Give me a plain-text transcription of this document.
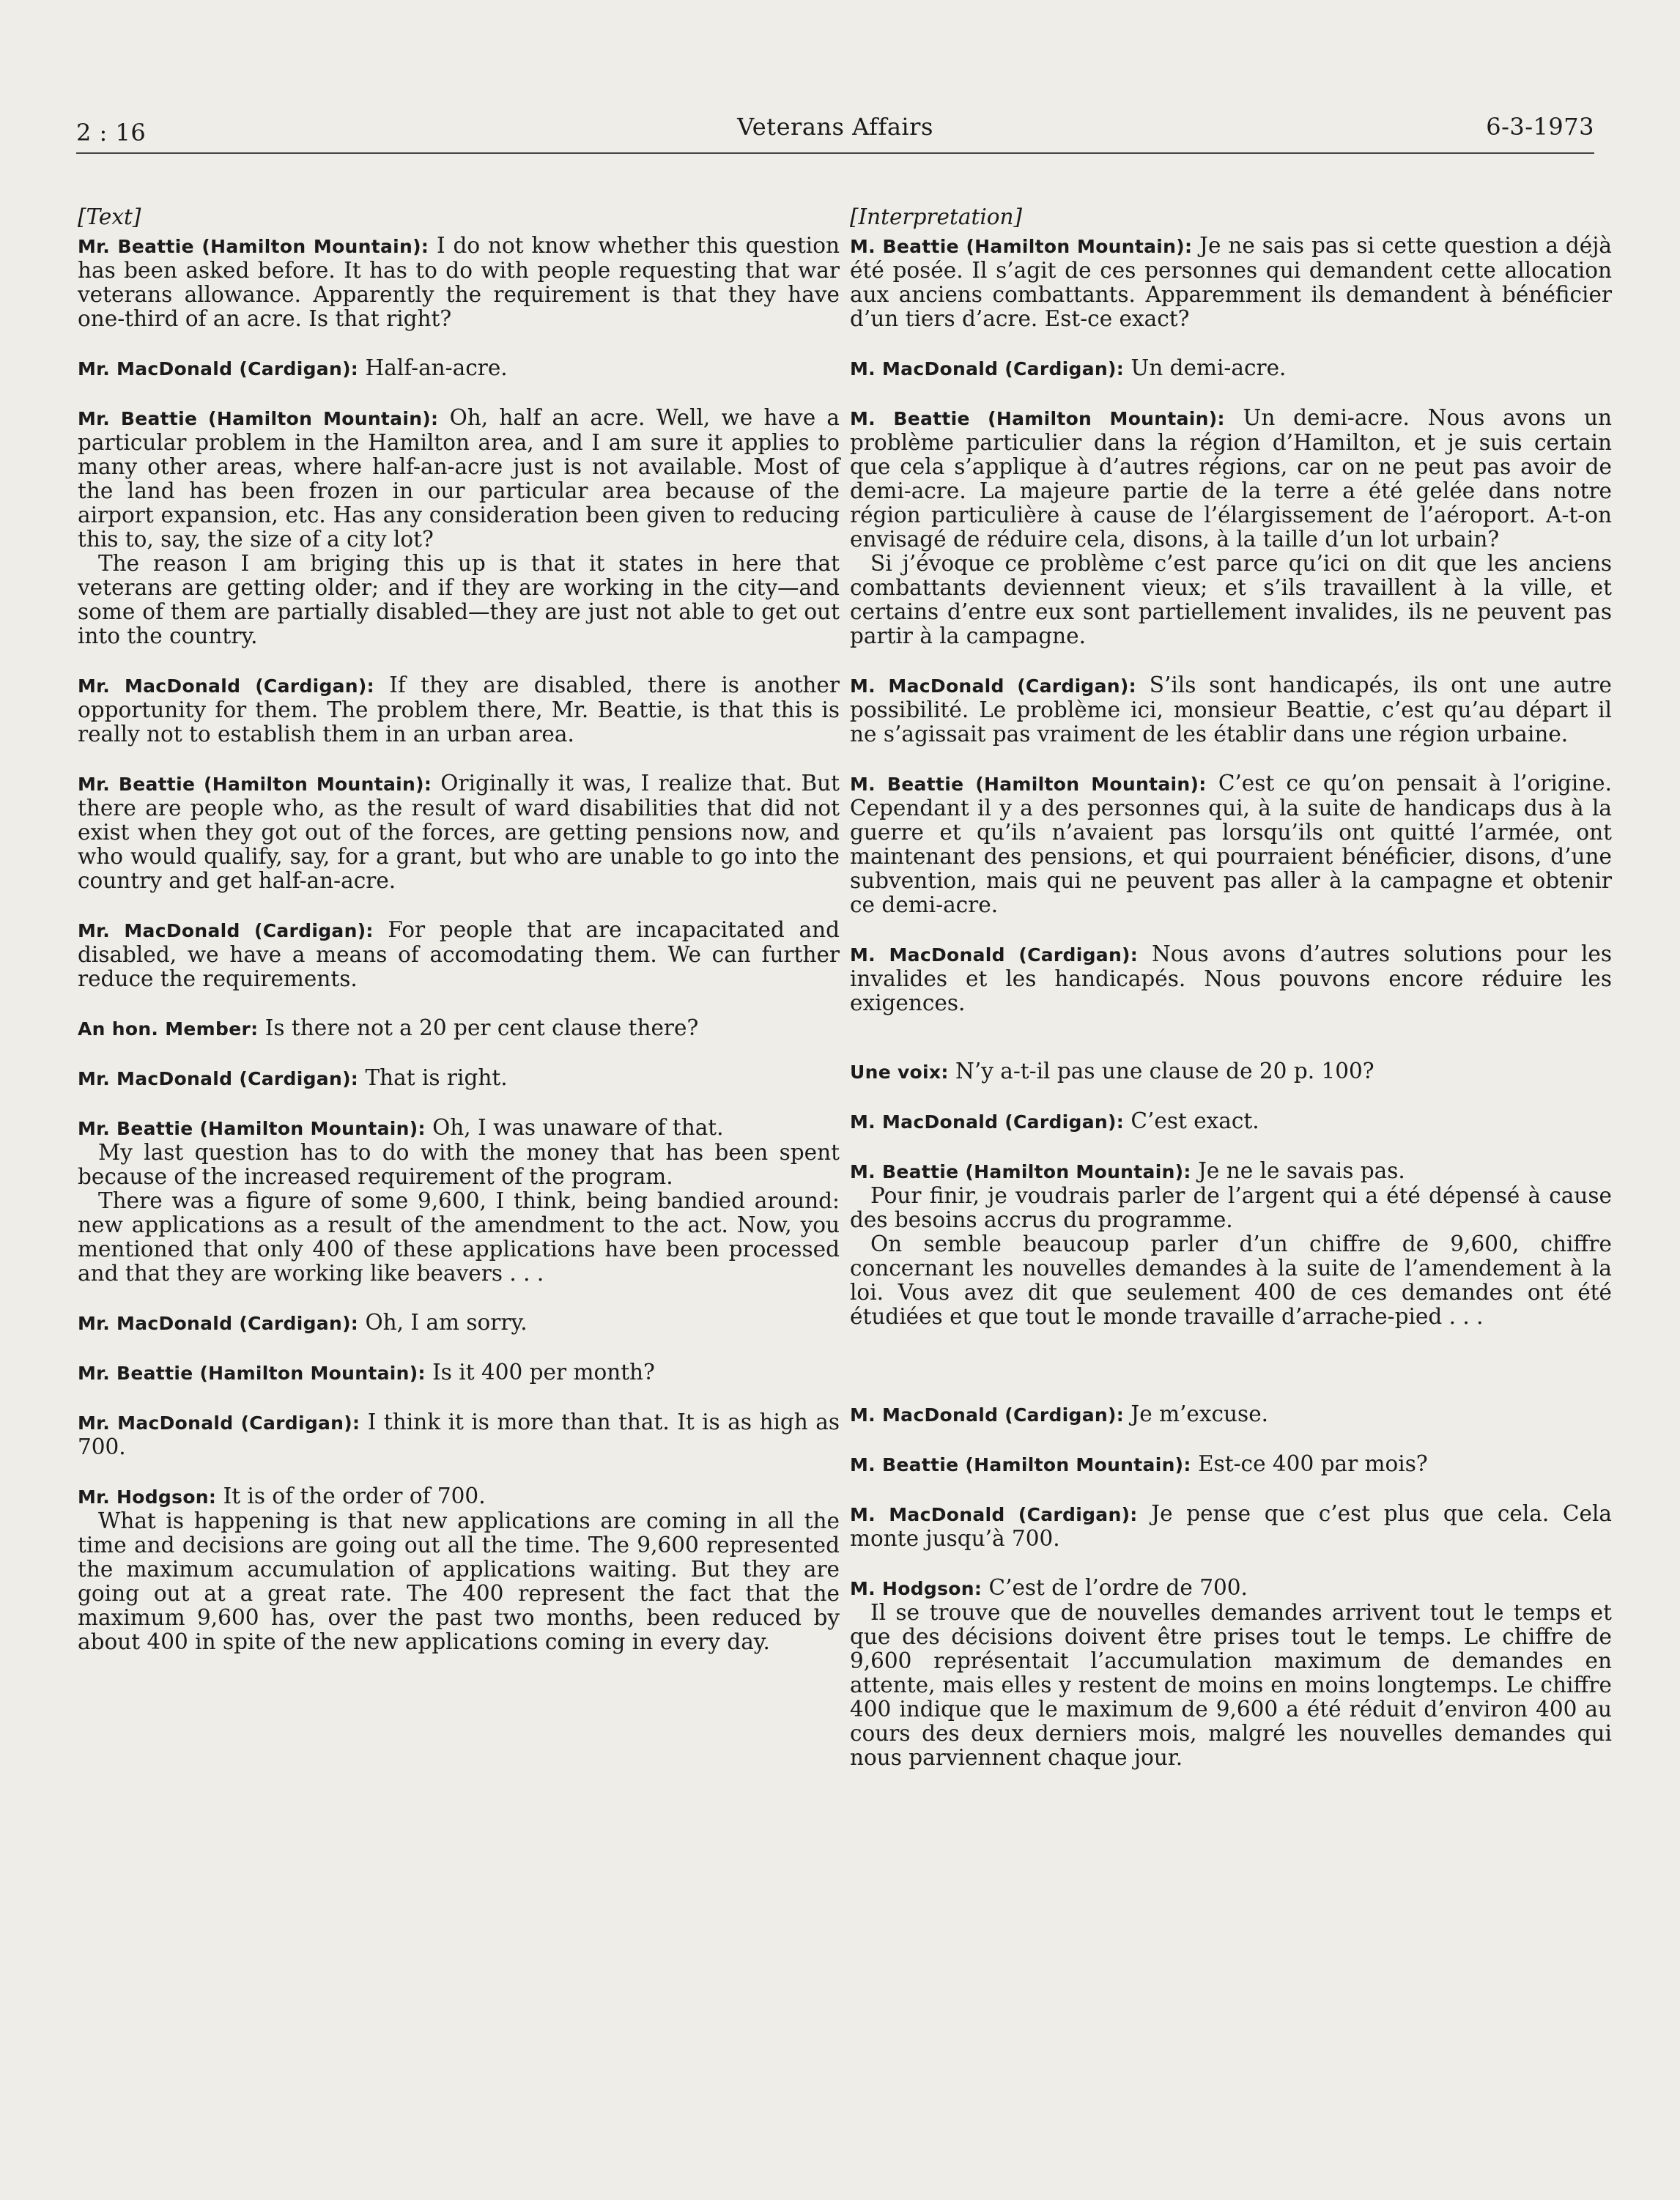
2 : 16	Veterans Affairs	6-3-1973

[Text]

Mr. Beattie (Hamilton Mountain): I do not know whether this question has been asked before. It has to do with people requesting that war veterans allowance. Apparently the requirement is that they have one-third of an acre. Is that right?

Mr. MacDonald (Cardigan): Half-an-acre.

Mr. Beattie (Hamilton Mountain): Oh, half an acre. Well, we have a particular problem in the Hamilton area, and I am sure it applies to many other areas, where half-an-acre just is not available. Most of the land has been frozen in our particular area because of the airport expansion, etc. Has any consideration been given to reducing this to, say, the size of a city lot?

The reason I am briging this up is that it states in here that veterans are getting older; and if they are working in the city—and some of them are partially disabled—they are just not able to get out into the country.

Mr. MacDonald (Cardigan): If they are disabled, there is another opportunity for them. The problem there, Mr. Beattie, is that this is really not to establish them in an urban area.

Mr. Beattie (Hamilton Mountain): Originally it was, I realize that. But there are people who, as the result of ward disabilities that did not exist when they got out of the forces, are getting pensions now, and who would qualify, say, for a grant, but who are unable to go into the country and get half-an-acre.

Mr. MacDonald (Cardigan): For people that are incapacitated and disabled, we have a means of accomodating them. We can further reduce the requirements.

An hon. Member: Is there not a 20 per cent clause there?

Mr. MacDonald (Cardigan): That is right.

Mr. Beattie (Hamilton Mountain): Oh, I was unaware of that.

My last question has to do with the money that has been spent because of the increased requirement of the program.

There was a figure of some 9,600, I think, being bandied around: new applications as a result of the amendment to the act. Now, you mentioned that only 400 of these applications have been processed and that they are working like beavers . . .

Mr. MacDonald (Cardigan): Oh, I am sorry.

Mr. Beattie (Hamilton Mountain): Is it 400 per month?

Mr. MacDonald (Cardigan): I think it is more than that. It is as high as 700.

Mr. Hodgson: It is of the order of 700.

What is happening is that new applications are coming in all the time and decisions are going out all the time. The 9,600 represented the maximum accumulation of applications waiting. But they are going out at a great rate. The 400 represent the fact that the maximum 9,600 has, over the past two months, been reduced by about 400 in spite of the new applications coming in every day.

[Interpretation]

M. Beattie (Hamilton Mountain): Je ne sais pas si cette question a déjà été posée. Il s’agit de ces personnes qui demandent cette allocation aux anciens combattants. Apparemment ils demandent à bénéficier d’un tiers d’acre. Est-ce exact?

M. MacDonald (Cardigan): Un demi-acre.

M. Beattie (Hamilton Mountain): Un demi-acre. Nous avons un problème particulier dans la région d’Hamilton, et je suis certain que cela s’applique à d’autres régions, car on ne peut pas avoir de demi-acre. La majeure partie de la terre a été gelée dans notre région particulière à cause de l’élargissement de l’aéroport. A-t-on envisagé de réduire cela, disons, à la taille d’un lot urbain?

Si j’évoque ce problème c’est parce qu’ici on dit que les anciens combattants deviennent vieux; et s’ils travaillent à la ville, et certains d’entre eux sont partiellement invalides, ils ne peuvent pas partir à la campagne.

M. MacDonald (Cardigan): S’ils sont handicapés, ils ont une autre possibilité. Le problème ici, monsieur Beattie, c’est qu’au départ il ne s’agissait pas vraiment de les établir dans une région urbaine.

M. Beattie (Hamilton Mountain): C’est ce qu’on pensait à l’origine. Cependant il y a des personnes qui, à la suite de handicaps dus à la guerre et qu’ils n’avaient pas lorsqu’ils ont quitté l’armée, ont maintenant des pensions, et qui pourraient bénéficier, disons, d’une subvention, mais qui ne peuvent pas aller à la campagne et obtenir ce demi-acre.

M. MacDonald (Cardigan): Nous avons d’autres solutions pour les invalides et les handicapés. Nous pouvons encore réduire les exigences.

Une voix: N’y a-t-il pas une clause de 20 p. 100?

M. MacDonald (Cardigan): C’est exact.

M. Beattie (Hamilton Mountain): Je ne le savais pas.

Pour finir, je voudrais parler de l’argent qui a été dépensé à cause des besoins accrus du programme.

On semble beaucoup parler d’un chiffre de 9,600, chiffre concernant les nouvelles demandes à la suite de l’amendement à la loi. Vous avez dit que seulement 400 de ces demandes ont été étudiées et que tout le monde travaille d’arrache-pied . . .

M. MacDonald (Cardigan): Je m’excuse.

M. Beattie (Hamilton Mountain): Est-ce 400 par mois?

M. MacDonald (Cardigan): Je pense que c’est plus que cela. Cela monte jusqu’à 700.

M. Hodgson: C’est de l’ordre de 700.

Il se trouve que de nouvelles demandes arrivent tout le temps et que des décisions doivent être prises tout le temps. Le chiffre de 9,600 représentait l’accumulation maximum de demandes en attente, mais elles y restent de moins en moins longtemps. Le chiffre 400 indique que le maximum de 9,600 a été réduit d’environ 400 au cours des deux derniers mois, malgré les nouvelles demandes qui nous parviennent chaque jour.
